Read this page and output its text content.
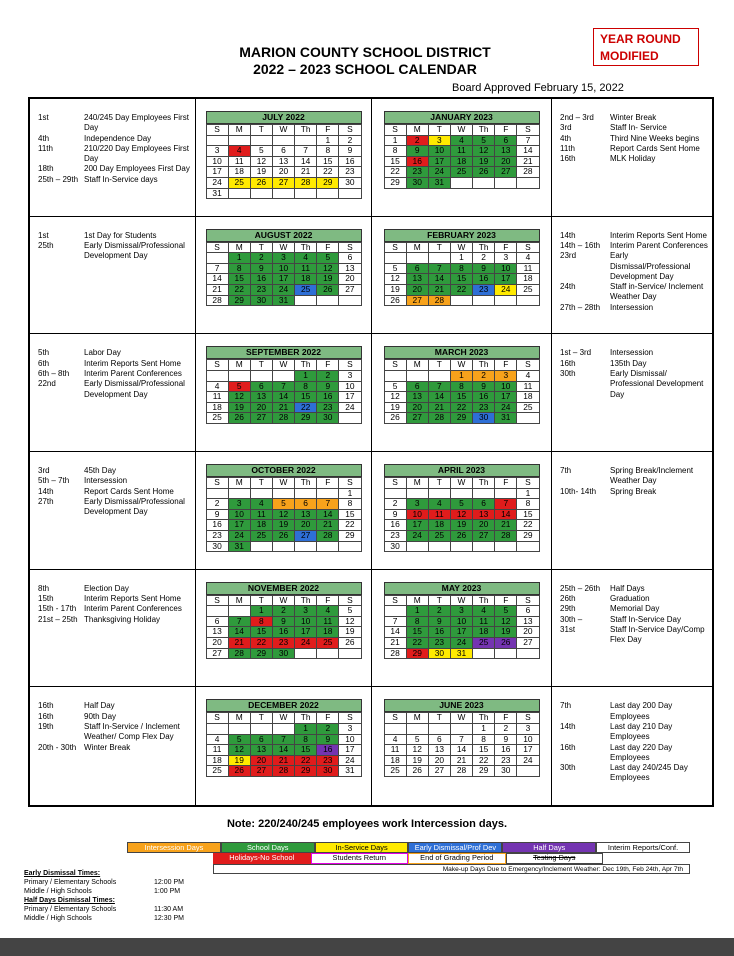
YEAR ROUND
MODIFIED
MARION COUNTY SCHOOL DISTRICT
2022 – 2023 SCHOOL CALENDAR
Board Approved February 15, 2022
1st	240/245 Day Employees First Day
4th	Independence Day
11th	210/220 Day Employees First Day
18th	200 Day Employees First Day
25th – 29th Staff In-Service days
JULY 2022
S	M	T	W	Th	F	S
					1	2
3	4	5	6	7	8	9
10	11	12	13	14	15	16
17	18	19	20	21	22	23
24	25	26	27	28	29	30
31						
JANUARY 2023
S	M	T	W	Th	F	S
1	2	3	4	5	6	7
8	9	10	11	12	13	14
15	16	17	18	19	20	21
22	23	24	25	26	27	28
29	30	31				
2nd – 3rd	Winter Break
3rd	Staff In- Service
4th	Third Nine Weeks begins
11th	Report Cards Sent Home
16th	MLK Holiday
1st	1st Day for Students
25th	Early Dismissal/Professional Development Day
AUGUST 2022
S	M	T	W	Th	F	S
	1	2	3	4	5	6
7	8	9	10	11	12	13
14	15	16	17	18	19	20
21	22	23	24	25	26	27
28	29	30	31			
FEBRUARY 2023
S	M	T	W	Th	F	S
			1	2	3	4
5	6	7	8	9	10	11
12	13	14	15	16	17	18
19	20	21	22	23	24	25
26	27	28				
14th	Interim Reports Sent Home
14th – 16th	Interim Parent Conferences
23rd	Early Dismissal/Professional Development Day
24th	Staff in-Service/ Inclement Weather Day
27th – 28th	Intersession
5th	Labor Day
6th	Interim Reports Sent Home
6th – 8th	Interim Parent Conferences
22nd	Early Dismissal/Professional Development Day
SEPTEMBER 2022
S	M	T	W	Th	F	S
				1	2	3
4	5	6	7	8	9	10
11	12	13	14	15	16	17
18	19	20	21	22	23	24
25	26	27	28	29	30	
MARCH 2023
S	M	T	W	Th	F	S
			1	2	3	4
5	6	7	8	9	10	11
12	13	14	15	16	17	18
19	20	21	22	23	24	25
26	27	28	29	30	31	
1st – 3rd	Intersession
16th	135th Day
30th	Early Dismissal/ Professional Development Day
3rd	45th Day
5th – 7th	Intersession
14th	Report Cards Sent Home
27th	Early Dismissal/Professional Development Day
OCTOBER 2022
S	M	T	W	Th	F	S
						1
2	3	4	5	6	7	8
9	10	11	12	13	14	15
16	17	18	19	20	21	22
23	24	25	26	27	28	29
30	31					
APRIL 2023
S	M	T	W	Th	F	S
						1
2	3	4	5	6	7	8
9	10	11	12	13	14	15
16	17	18	19	20	21	22
23	24	25	26	27	28	29
30						
7th	Spring Break/Inclement Weather Day
10th- 14th	Spring Break
8th	Election Day
15th	Interim Reports Sent Home
15th - 17th Interim Parent Conferences
21st – 25th Thanksgiving Holiday
NOVEMBER 2022
S	M	T	W	Th	F	S
		1	2	3	4	5
6	7	8	9	10	11	12
13	14	15	16	17	18	19
20	21	22	23	24	25	26
27	28	29	30			
MAY 2023
S	M	T	W	Th	F	S
	1	2	3	4	5	6
7	8	9	10	11	12	13
14	15	16	17	18	19	20
21	22	23	24	25	26	27
28	29	30	31			
25th – 26th	Half Days
26th	Graduation
29th	Memorial Day
30th –	Staff In-Service Day
31st	Staff In-Service Day/Comp Flex Day
16th	Half Day
16th	90th Day
19th	Staff In-Service / Inclement Weather/ Comp Flex Day
20th - 30th Winter Break
DECEMBER 2022
S	M	T	W	Th	F	S
				1	2	3
4	5	6	7	8	9	10
11	12	13	14	15	16	17
18	19	20	21	22	23	24
25	26	27	28	29	30	31
JUNE 2023
S	M	T	W	Th	F	S
				1	2	3
4	5	6	7	8	9	10
11	12	13	14	15	16	17
18	19	20	21	22	23	24
25	26	27	28	29	30	
7th	Last day 200 Day Employees
14th	Last day 210 Day Employees
16th	Last day 220 Day Employees
30th	Last day 240/245 Day Employees
Note: 220/240/245 employees work Intercession days.
Intersession Days	School Days	In-Service Days	Early Dismissal/Prof Dev	Half Days	Interim Reports/Conf.
Holidays-No School	Students Return	End of Grading Period	Testing Days
Make-up Days Due to Emergency/Inclement Weather: Dec 19th, Feb 24th, Apr 7th
Early Dismissal Times:
Primary / Elementary Schools	12:00 PM
Middle / High Schools	1:00 PM
Half Days Dismissal Times:
Primary / Elementary Schools	11:30 AM
Middle / High Schools	12:30 PM
